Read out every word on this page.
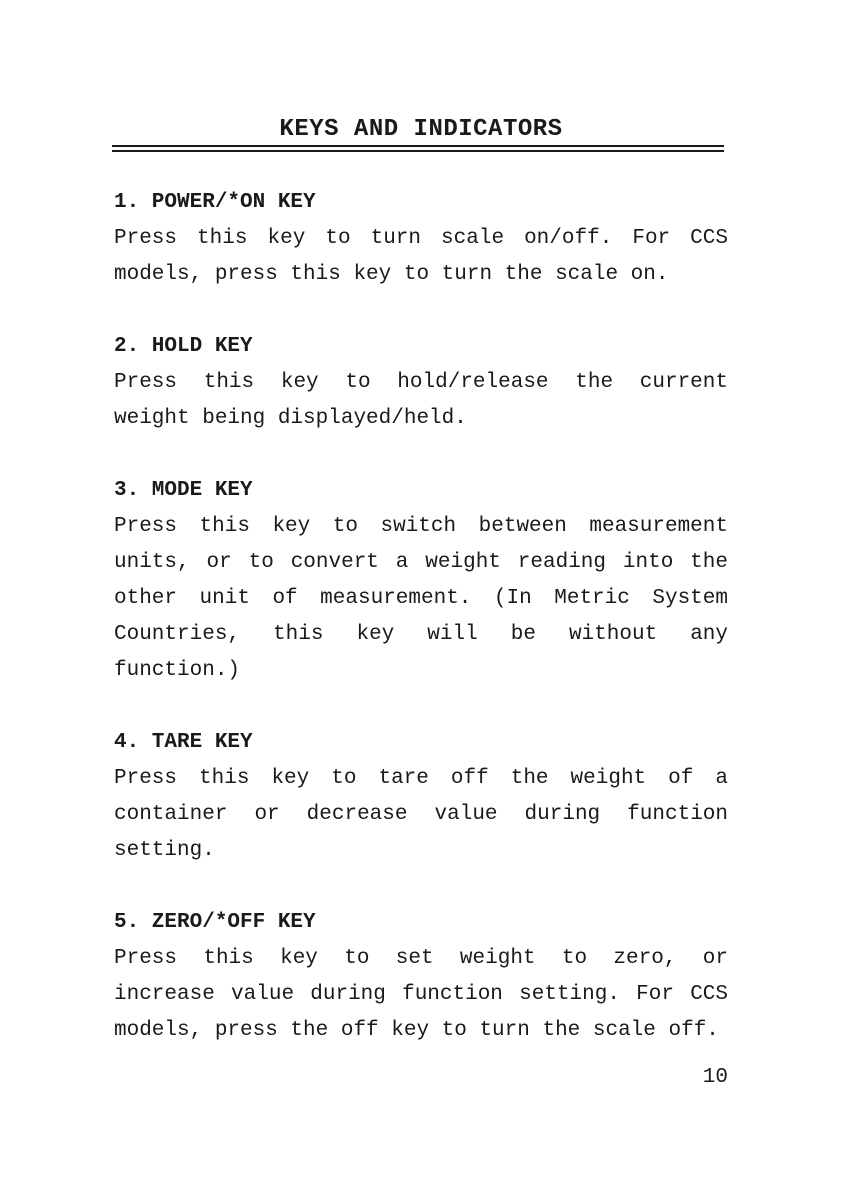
KEYS AND INDICATORS

1. POWER/*ON KEY

Press this key to turn scale on/off. For CCS models, press this key to turn the scale on.

2. HOLD KEY

Press this key to hold/release the current weight being displayed/held.

3. MODE KEY

Press this key to switch between measurement units, or to convert a weight reading into the other unit of measurement. (In Metric System Countries, this key will be without any function.)

4. TARE KEY

Press this key to tare off the weight of a container or decrease value during function setting.

5. ZERO/*OFF KEY

Press this key to set weight to zero, or increase value during function setting. For CCS models, press the off key to turn the scale off.

10
